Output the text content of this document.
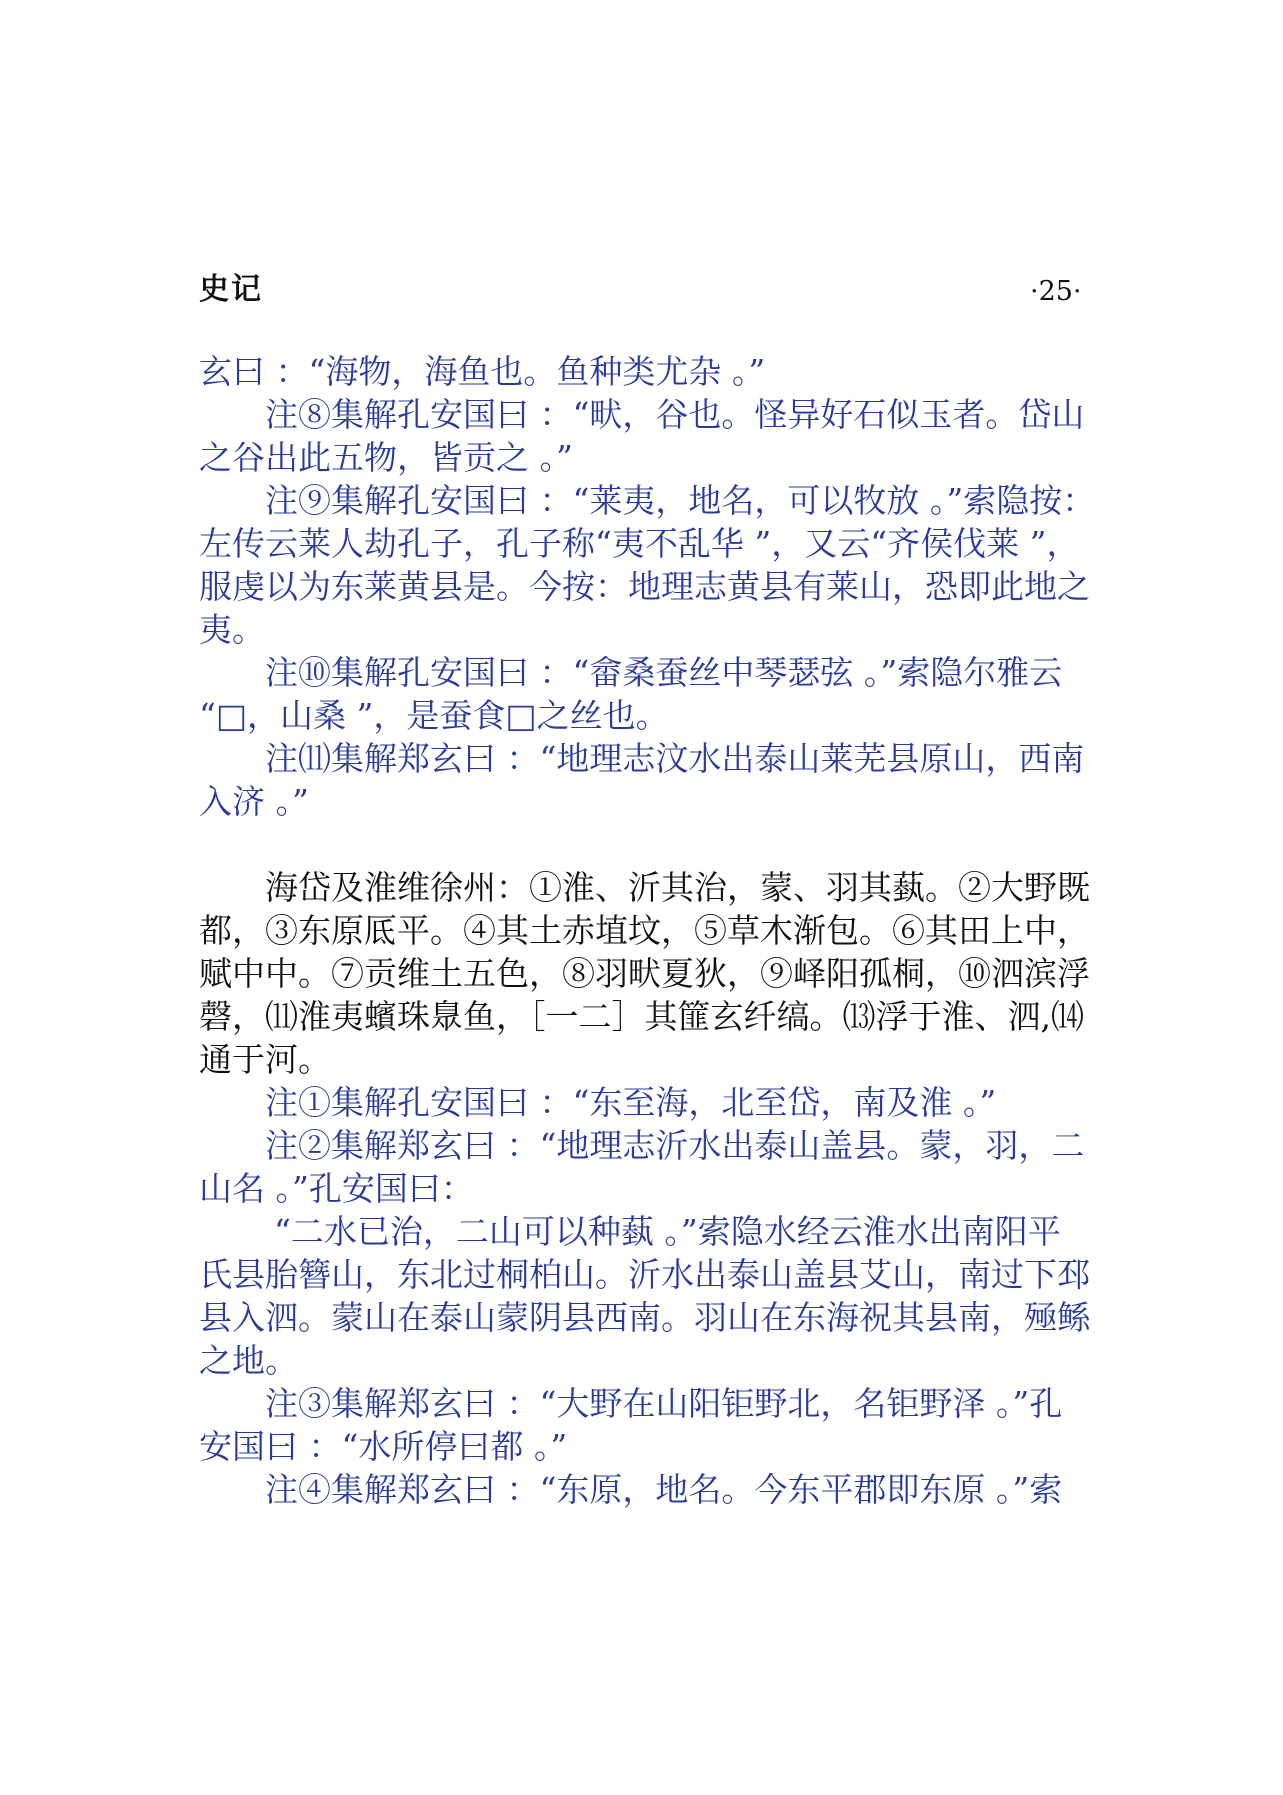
史记	·25·
玄曰 ：“海物，海鱼也。鱼种类尤杂 。”
注⑧集解孔安国曰 ：“畎，谷也。怪异好石似玉者。岱山
之谷出此五物，皆贡之 。”
注⑨集解孔安国曰 ：“莱夷，地名，可以牧放 。”索隐按：
左传云莱人劫孔子，孔子称“夷不乱华 ”，又云“齐侯伐莱 ”，
服虔以为东莱黄县是。今按：地理志黄县有莱山，恐即此地之
夷。
注⑩集解孔安国曰 ：“畲桑蚕丝中琴瑟弦 。”索隐尔雅云
“□，山桑 ”，是蚕食□之丝也。
注⑾集解郑玄曰 ：“地理志汶水出泰山莱芜县原山，西南
入济 。”
海岱及淮维徐州：①淮、沂其治，蒙、羽其蓺。②大野既
都，③东原厎平。④其土赤埴坟，⑤草木渐包。⑥其田上中，
赋中中。⑦贡维土五色，⑧羽畎夏狄，⑨峄阳孤桐，⑩泗滨浮
磬，⑾淮夷蠙珠臮鱼，［一二］其篚玄纤缟。⒀浮于淮、泗,⒁
通于河。
注①集解孔安国曰 ：“东至海，北至岱，南及淮 。”
注②集解郑玄曰 ：“地理志沂水出泰山盖县。蒙，羽，二
山名 。”孔安国曰：
“二水已治，二山可以种蓺 。”索隐水经云淮水出南阳平
氏县胎簪山，东北过桐柏山。沂水出泰山盖县艾山，南过下邳
县入泗。蒙山在泰山蒙阴县西南。羽山在东海祝其县南，殛鲧
之地。
注③集解郑玄曰 ：“大野在山阳钜野北，名钜野泽 。”孔
安国曰 ：“水所停曰都 。”
注④集解郑玄曰 ：“东原，地名。今东平郡即东原 。”索
